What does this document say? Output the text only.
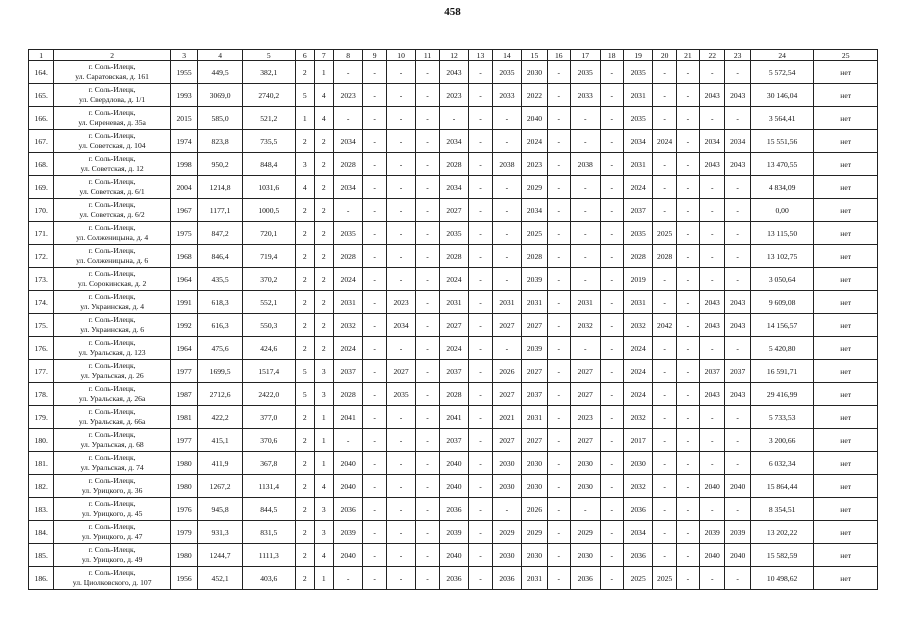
458
1	2	3	4	5	6	7	8	9	10	11	12	13	14	15	16	17	18	19	20	21	22	23	24	25
164.	г. Соль-Илецк,
ул. Саратовская, д. 161	1955	449,5	382,1	2	1	-	-	-	-	2043	-	2035	2030	-	2035	-	2035	-	-	-	-	5 572,54	нет
165.	г. Соль-Илецк,
ул. Свердлова, д. 1/1	1993	3069,0	2740,2	5	4	2023	-	-	-	2023	-	2033	2022	-	2033	-	2031	-	-	2043	2043	30 146,04	нет
166.	г. Соль-Илецк,
ул. Сиреневая, д. 35а	2015	585,0	521,2	1	4	-	-	-	-	-	-	-	2040	-	-	-	2035	-	-	-	-	3 564,41	нет
167.	г. Соль-Илецк,
ул. Советская, д. 104	1974	823,8	735,5	2	2	2034	-	-	-	2034	-	-	2024	-	-	-	2034	2024	-	2034	2034	15 551,56	нет
168.	г. Соль-Илецк,
ул. Советская, д. 12	1998	950,2	848,4	3	2	2028	-	-	-	2028	-	2038	2023	-	2038	-	2031	-	-	2043	2043	13 470,55	нет
169.	г. Соль-Илецк,
ул. Советская, д. 6/1	2004	1214,8	1031,6	4	2	2034	-	-	-	2034	-	-	2029	-	-	-	2024	-	-	-	-	4 834,09	нет
170.	г. Соль-Илецк,
ул. Советская, д. 6/2	1967	1177,1	1000,5	2	2	-	-	-	-	2027	-	-	2034	-	-	-	2037	-	-	-	-	0,00	нет
171.	г. Соль-Илецк,
ул. Солженицына, д. 4	1975	847,2	720,1	2	2	2035	-	-	-	2035	-	-	2025	-	-	-	2035	2025	-	-	-	13 115,50	нет
172.	г. Соль-Илецк,
ул. Солженицына, д. 6	1968	846,4	719,4	2	2	2028	-	-	-	2028	-	-	2028	-	-	-	2028	2028	-	-	-	13 102,75	нет
173.	г. Соль-Илецк,
ул. Сорокинская, д. 2	1964	435,5	370,2	2	2	2024	-	-	-	2024	-	-	2039	-	-	-	2019	-	-	-	-	3 050,64	нет
174.	г. Соль-Илецк,
ул. Украинская, д. 4	1991	618,3	552,1	2	2	2031	-	2023	-	2031	-	2031	2031	-	2031	-	2031	-	-	2043	2043	9 609,08	нет
175.	г. Соль-Илецк,
ул. Украинская, д. 6	1992	616,3	550,3	2	2	2032	-	2034	-	2027	-	2027	2027	-	2032	-	2032	2042	-	2043	2043	14 156,57	нет
176.	г. Соль-Илецк,
ул. Уральская, д. 123	1964	475,6	424,6	2	2	2024	-	-	-	2024	-	-	2039	-	-	-	2024	-	-	-	-	5 420,80	нет
177.	г. Соль-Илецк,
ул. Уральская, д. 26	1977	1699,5	1517,4	5	3	2037	-	2027	-	2037	-	2026	2027	-	2027	-	2024	-	-	2037	2037	16 591,71	нет
178.	г. Соль-Илецк,
ул. Уральская, д. 26а	1987	2712,6	2422,0	5	3	2028	-	2035	-	2028	-	2027	2037	-	2027	-	2024	-	-	2043	2043	29 416,99	нет
179.	г. Соль-Илецк,
ул. Уральская, д. 66а	1981	422,2	377,0	2	1	2041	-	-	-	2041	-	2021	2031	-	2023	-	2032	-	-	-	-	5 733,53	нет
180.	г. Соль-Илецк,
ул. Уральская, д. 68	1977	415,1	370,6	2	1	-	-	-	-	2037	-	2027	2027	-	2027	-	2017	-	-	-	-	3 200,66	нет
181.	г. Соль-Илецк,
ул. Уральская, д. 74	1980	411,9	367,8	2	1	2040	-	-	-	2040	-	2030	2030	-	2030	-	2030	-	-	-	-	6 032,34	нет
182.	г. Соль-Илецк,
ул. Урицкого, д. 36	1980	1267,2	1131,4	2	4	2040	-	-	-	2040	-	2030	2030	-	2030	-	2032	-	-	2040	2040	15 864,44	нет
183.	г. Соль-Илецк,
ул. Урицкого, д. 45	1976	945,8	844,5	2	3	2036	-	-	-	2036	-	-	2026	-	-	-	2036	-	-	-	-	8 354,51	нет
184.	г. Соль-Илецк,
ул. Урицкого, д. 47	1979	931,3	831,5	2	3	2039	-	-	-	2039	-	2029	2029	-	2029	-	2034	-	-	2039	2039	13 202,22	нет
185.	г. Соль-Илецк,
ул. Урицкого, д. 49	1980	1244,7	1111,3	2	4	2040	-	-	-	2040	-	2030	2030	-	2030	-	2036	-	-	2040	2040	15 582,59	нет
186.	г. Соль-Илецк,
ул. Циолковского, д. 107	1956	452,1	403,6	2	1	-	-	-	-	2036	-	2036	2031	-	2036	-	2025	2025	-	-	-	10 498,62	нет
